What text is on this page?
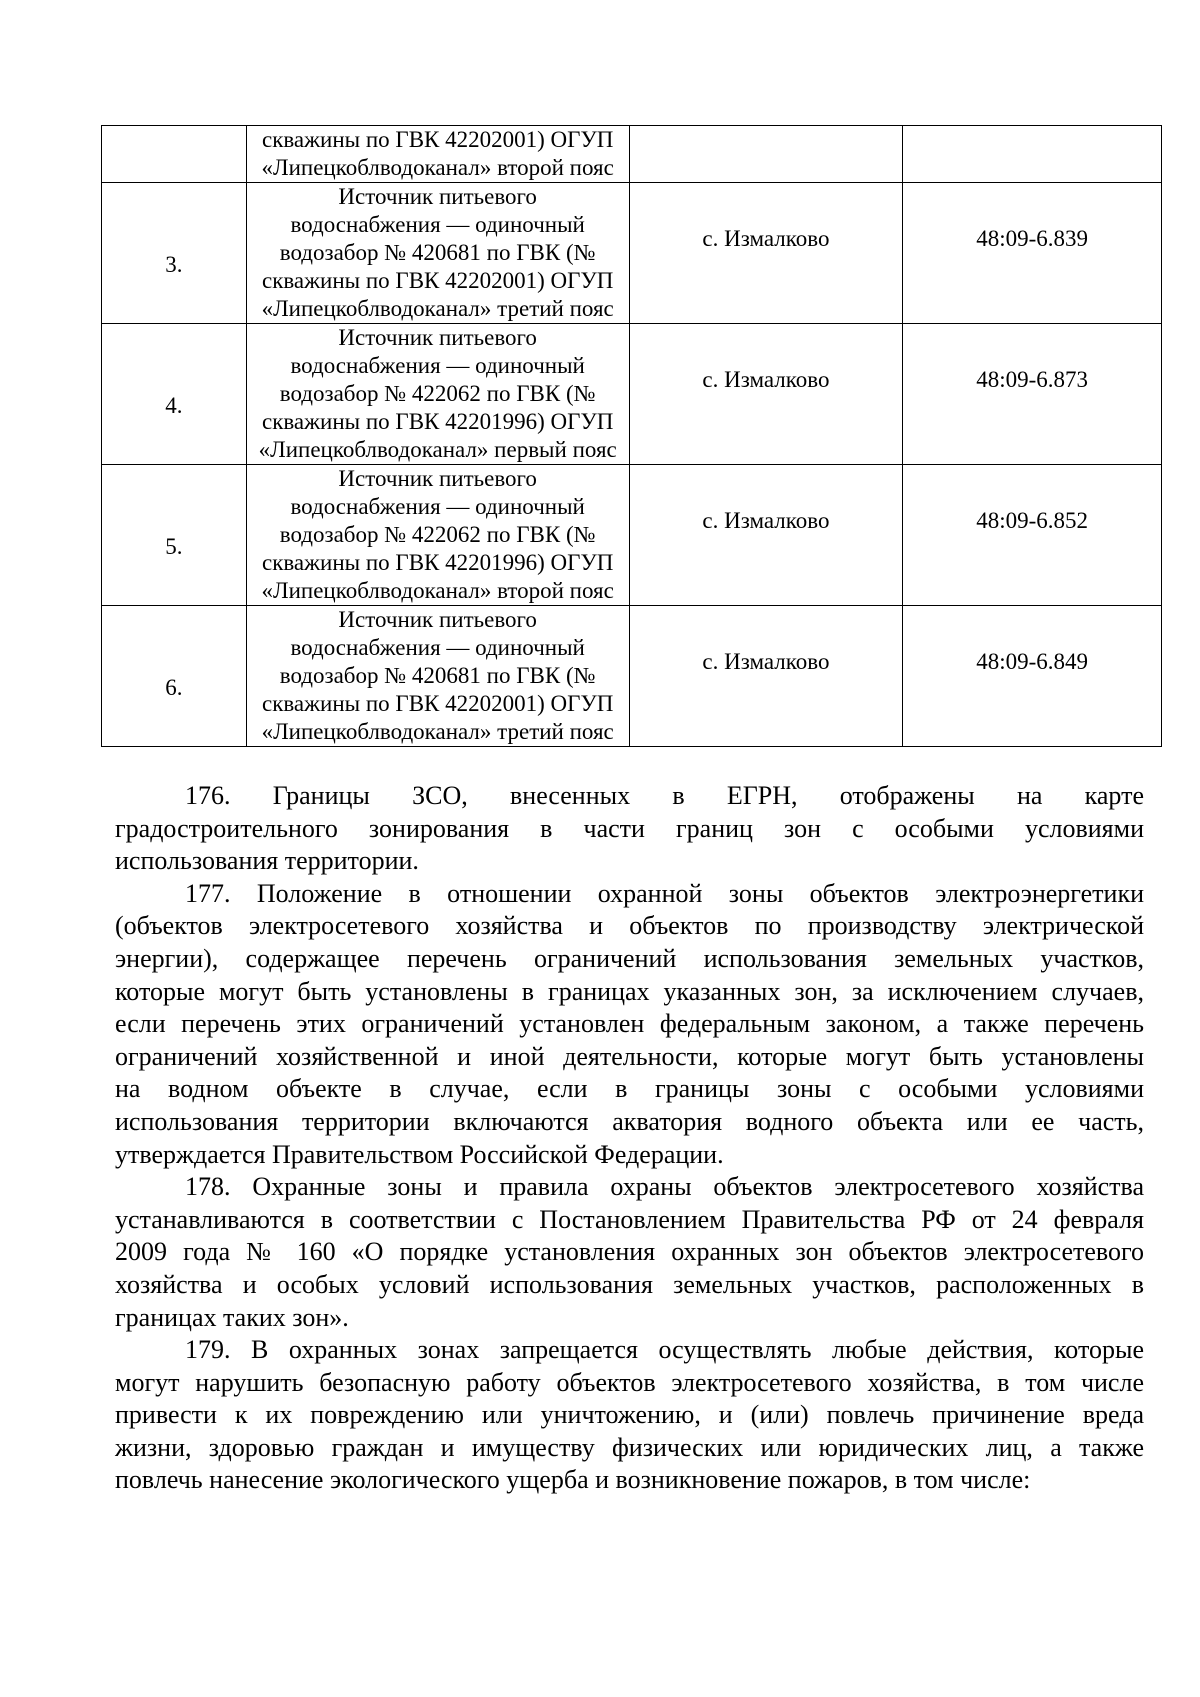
	скважины по ГВК 42202001) ОГУП
«Липецкоблводоканал» второй пояс		

3.	Источник питьевого
водоснабжения — одиночный
водозабор № 420681 по ГВК (№
скважины по ГВК 42202001) ОГУП
«Липецкоблводоканал» третий пояс	с. Измалково	48:09-6.839
4.	Источник питьевого
водоснабжения — одиночный
водозабор № 422062 по ГВК (№
скважины по ГВК 42201996) ОГУП
«Липецкоблводоканал» первый пояс	с. Измалково	48:09-6.873
5.	Источник питьевого
водоснабжения — одиночный
водозабор № 422062 по ГВК (№
скважины по ГВК 42201996) ОГУП
«Липецкоблводоканал» второй пояс	с. Измалково	48:09-6.852
6.	Источник питьевого
водоснабжения — одиночный
водозабор № 420681 по ГВК (№
скважины по ГВК 42202001) ОГУП
«Липецкоблводоканал» третий пояс	с. Измалково	48:09-6.849

176. Границы ЗСО, внесенных в ЕГРН, отображены на карте
градостроительного зонирования в части границ зон с особыми условиями
использования территории.

177. Положение в отношении охранной зоны объектов электроэнергетики
(объектов электросетевого хозяйства и объектов по производству электрической
энергии), содержащее перечень ограничений использования земельных участков,
которые могут быть установлены в границах указанных зон, за исключением случаев,
если перечень этих ограничений установлен федеральным законом, а также перечень
ограничений хозяйственной и иной деятельности, которые могут быть установлены
на водном объекте в случае, если в границы зоны с особыми условиями
использования территории включаются акватория водного объекта или ее часть,
утверждается Правительством Российской Федерации.

178. Охранные зоны и правила охраны объектов электросетевого хозяйства
устанавливаются в соответствии с Постановлением Правительства РФ от 24 февраля
2009 года № 160 «О порядке установления охранных зон объектов электросетевого
хозяйства и особых условий использования земельных участков, расположенных в
границах таких зон».

179. В охранных зонах запрещается осуществлять любые действия, которые
могут нарушить безопасную работу объектов электросетевого хозяйства, в том числе
привести к их повреждению или уничтожению, и (или) повлечь причинение вреда
жизни, здоровью граждан и имуществу физических или юридических лиц, а также
повлечь нанесение экологического ущерба и возникновение пожаров, в том числе:
